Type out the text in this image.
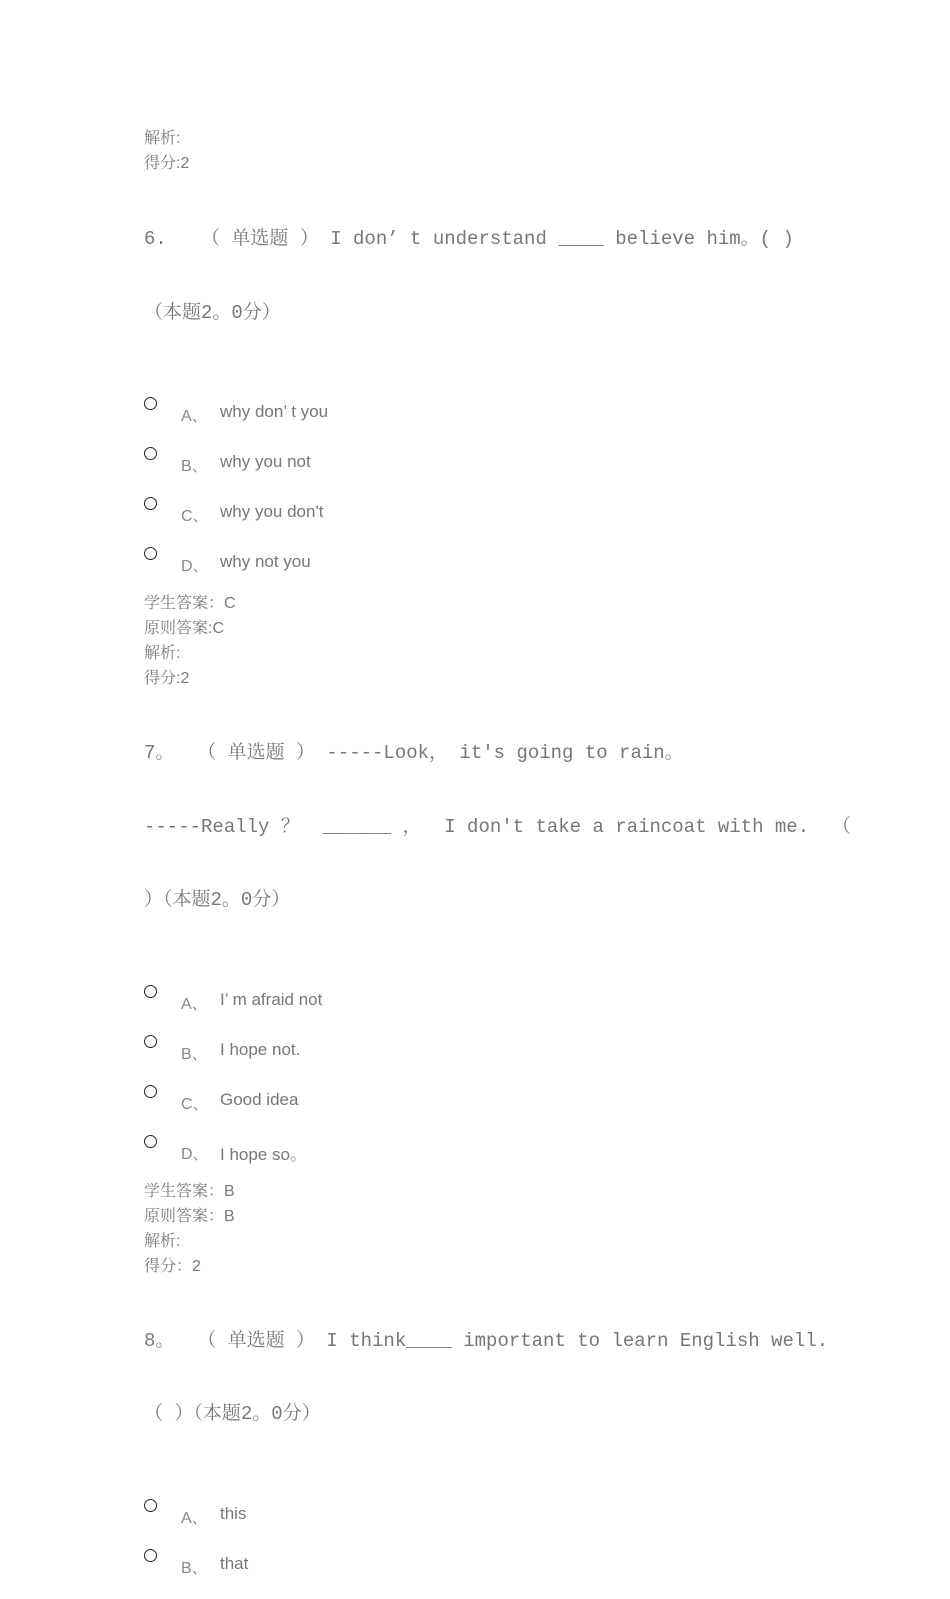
解析:
得分:2

6.   （ 单选题 ） I don’ t understand ____ believe him。( )

（本题2。0分）

A、 why don’ t you
B、 why you not
C、 why you don't
D、 why not you
学生答案：C
原则答案:C
解析:
得分:2

7。  （ 单选题 ） -----Look， it's going to rain。

-----Really ？  ______ ，  I don't take a raincoat with me.  （

）（本题2。0分）

A、 I’ m afraid not
B、 I hope not.
C、 Good idea
D、 I hope so。
学生答案：B
原则答案：B
解析:
得分：2

8。  （ 单选题 ） I think____ important to learn English well.

（ ）（本题2。0分）

A、 this
B、 that
